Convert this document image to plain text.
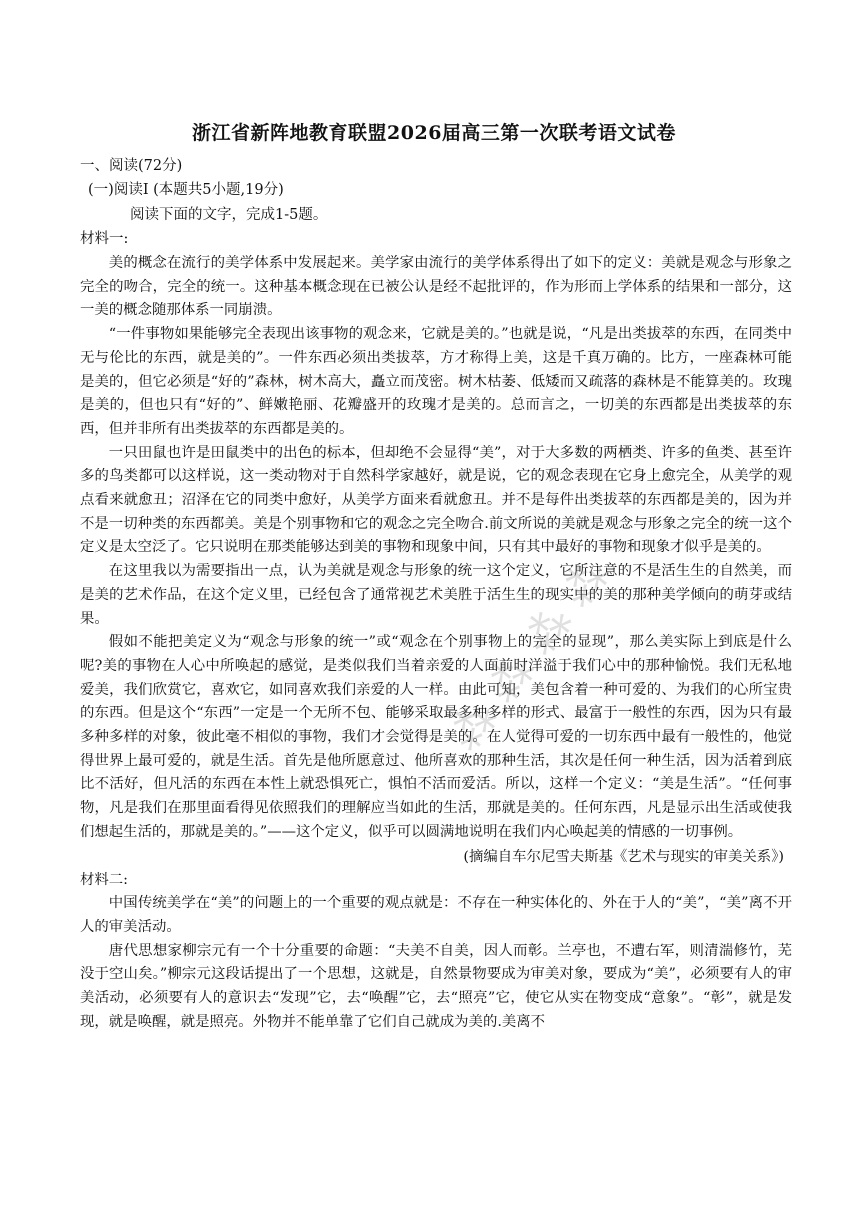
浙江省新阵地教育联盟2026届高三第一次联考语文试卷
一、阅读(72分)
(一)阅读Ⅰ (本题共5小题,19分)
阅读下面的文字，完成1-5题。
材料一:

美的概念在流行的美学体系中发展起来。美学家由流行的美学体系得出了如下的定义：美就是观念与形象之完全的吻合，完全的统一。这种基本概念现在已被公认是经不起批评的，作为形而上学体系的结果和一部分，这一美的概念随那体系一同崩溃。

“一件事物如果能够完全表现出该事物的观念来，它就是美的。”也就是说，“凡是出类拔萃的东西，在同类中无与伦比的东西，就是美的”。一件东西必须出类拔萃，方才称得上美，这是千真万确的。比方，一座森林可能是美的，但它必须是“好的”森林，树木高大，矗立而茂密。树木枯萎、低矮而又疏落的森林是不能算美的。玫瑰是美的，但也只有“好的”、鲜嫩艳丽、花瓣盛开的玫瑰才是美的。总而言之，一切美的东西都是出类拔萃的东西，但并非所有出类拔萃的东西都是美的。

一只田鼠也许是田鼠类中的出色的标本，但却绝不会显得“美”，对于大多数的两栖类、许多的鱼类、甚至许多的鸟类都可以这样说，这一类动物对于自然科学家越好，就是说，它的观念表现在它身上愈完全，从美学的观点看来就愈丑；沼泽在它的同类中愈好，从美学方面来看就愈丑。并不是每件出类拔萃的东西都是美的，因为并不是一切种类的东西都美。美是个别事物和它的观念之完全吻合.前文所说的美就是观念与形象之完全的统一这个定义是太空泛了。它只说明在那类能够达到美的事物和现象中间，只有其中最好的事物和现象才似乎是美的。

在这里我以为需要指出一点，认为美就是观念与形象的统一这个定义，它所注意的不是活生生的自然美，而是美的艺术作品，在这个定义里，已经包含了通常视艺术美胜于活生生的现实中的美的那种美学倾向的萌芽或结果。

假如不能把美定义为“观念与形象的统一”或“观念在个别事物上的完全的显现”，那么美实际上到底是什么呢?美的事物在人心中所唤起的感觉，是类似我们当着亲爱的人面前时洋溢于我们心中的那种愉悦。我们无私地爱美，我们欣赏它，喜欢它，如同喜欢我们亲爱的人一样。由此可知，美包含着一种可爱的、为我们的心所宝贵的东西。但是这个“东西”一定是一个无所不包、能够采取最多种多样的形式、最富于一般性的东西，因为只有最多种多样的对象，彼此毫不相似的事物，我们才会觉得是美的。在人觉得可爱的一切东西中最有一般性的，他觉得世界上最可爱的，就是生活。首先是他所愿意过、他所喜欢的那种生活，其次是任何一种生活，因为活着到底比不活好，但凡活的东西在本性上就恐惧死亡，惧怕不活而爱活。所以，这样一个定义：“美是生活”。“任何事物，凡是我们在那里面看得见依照我们的理解应当如此的生活，那就是美的。任何东西，凡是显示出生活或使我们想起生活的，那就是美的。”——这个定义，似乎可以圆满地说明在我们内心唤起美的情感的一切事例。

(摘编自车尔尼雪夫斯基《艺术与现实的审美关系》)

材料二:

中国传统美学在“美”的问题上的一个重要的观点就是：不存在一种实体化的、外在于人的“美”，“美”离不开人的审美活动。

唐代思想家柳宗元有一个十分重要的命题：“夫美不自美，因人而彰。兰亭也，不遭右军，则清湍修竹，芜没于空山矣。”柳宗元这段话提出了一个思想，这就是，自然景物要成为审美对象，要成为“美”，必须要有人的审美活动，必须要有人的意识去“发现”它，去“唤醒”它，去“照亮”它，使它从实在物变成“意象”。“彰”，就是发现，就是唤醒，就是照亮。外物并不能单靠了它们自己就成为美的.美离不

⁂ ⁂ ⁂ ⁂
